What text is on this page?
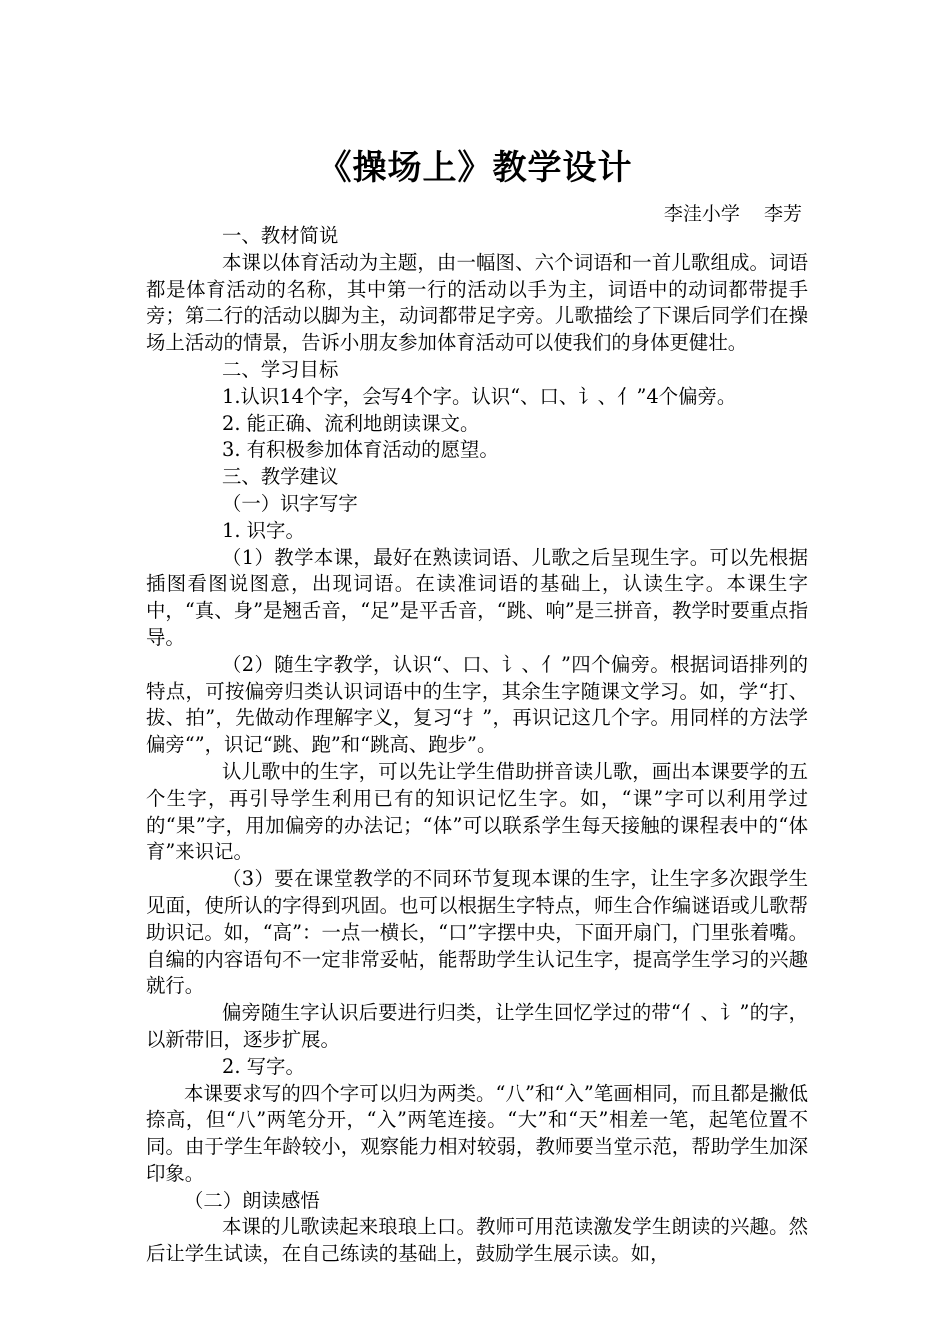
《操场上》教学设计
李洼小学    李芳

一、教材简说

本课以体育活动为主题，由一幅图、六个词语和一首儿歌组成。词语都是体育活动的名称，其中第一行的活动以手为主，词语中的动词都带提手旁；第二行的活动以脚为主，动词都带足字旁。儿歌描绘了下课后同学们在操场上活动的情景，告诉小朋友参加体育活动可以使我们的身体更健壮。

二、学习目标

1.认识14个字，会写4个字。认识“、口、讠、亻”4个偏旁。

2. 能正确、流利地朗读课文。

3. 有积极参加体育活动的愿望。

三、教学建议

（一）识字写字

1. 识字。

（1）教学本课，最好在熟读词语、儿歌之后呈现生字。可以先根据插图看图说图意，出现词语。在读准词语的基础上，认读生字。本课生字中，“真、身”是翘舌音，“足”是平舌音，“跳、响”是三拼音，教学时要重点指导。

（2）随生字教学，认识“、口、讠、亻”四个偏旁。根据词语排列的特点，可按偏旁归类认识词语中的生字，其余生字随课文学习。如，学“打、拔、拍”，先做动作理解字义，复习“扌”，再识记这几个字。用同样的方法学偏旁“”，识记“跳、跑”和“跳高、跑步”。

认儿歌中的生字，可以先让学生借助拼音读儿歌，画出本课要学的五个生字，再引导学生利用已有的知识记忆生字。如，“课”字可以利用学过的“果”字，用加偏旁的办法记；“体”可以联系学生每天接触的课程表中的“体育”来识记。

（3）要在课堂教学的不同环节复现本课的生字，让生字多次跟学生见面，使所认的字得到巩固。也可以根据生字特点，师生合作编谜语或儿歌帮助识记。如，“高”：一点一横长，“口”字摆中央，下面开扇门，门里张着嘴。自编的内容语句不一定非常妥帖，能帮助学生认记生字，提高学生学习的兴趣就行。

偏旁随生字认识后要进行归类，让学生回忆学过的带“亻、讠”的字，以新带旧，逐步扩展。

2. 写字。

本课要求写的四个字可以归为两类。“八”和“入”笔画相同，而且都是撇低捺高，但“八”两笔分开，“入”两笔连接。“大”和“天”相差一笔，起笔位置不同。由于学生年龄较小，观察能力相对较弱，教师要当堂示范，帮助学生加深印象。

（二）朗读感悟

本课的儿歌读起来琅琅上口。教师可用范读激发学生朗读的兴趣。然后让学生试读，在自己练读的基础上，鼓励学生展示读。如，
